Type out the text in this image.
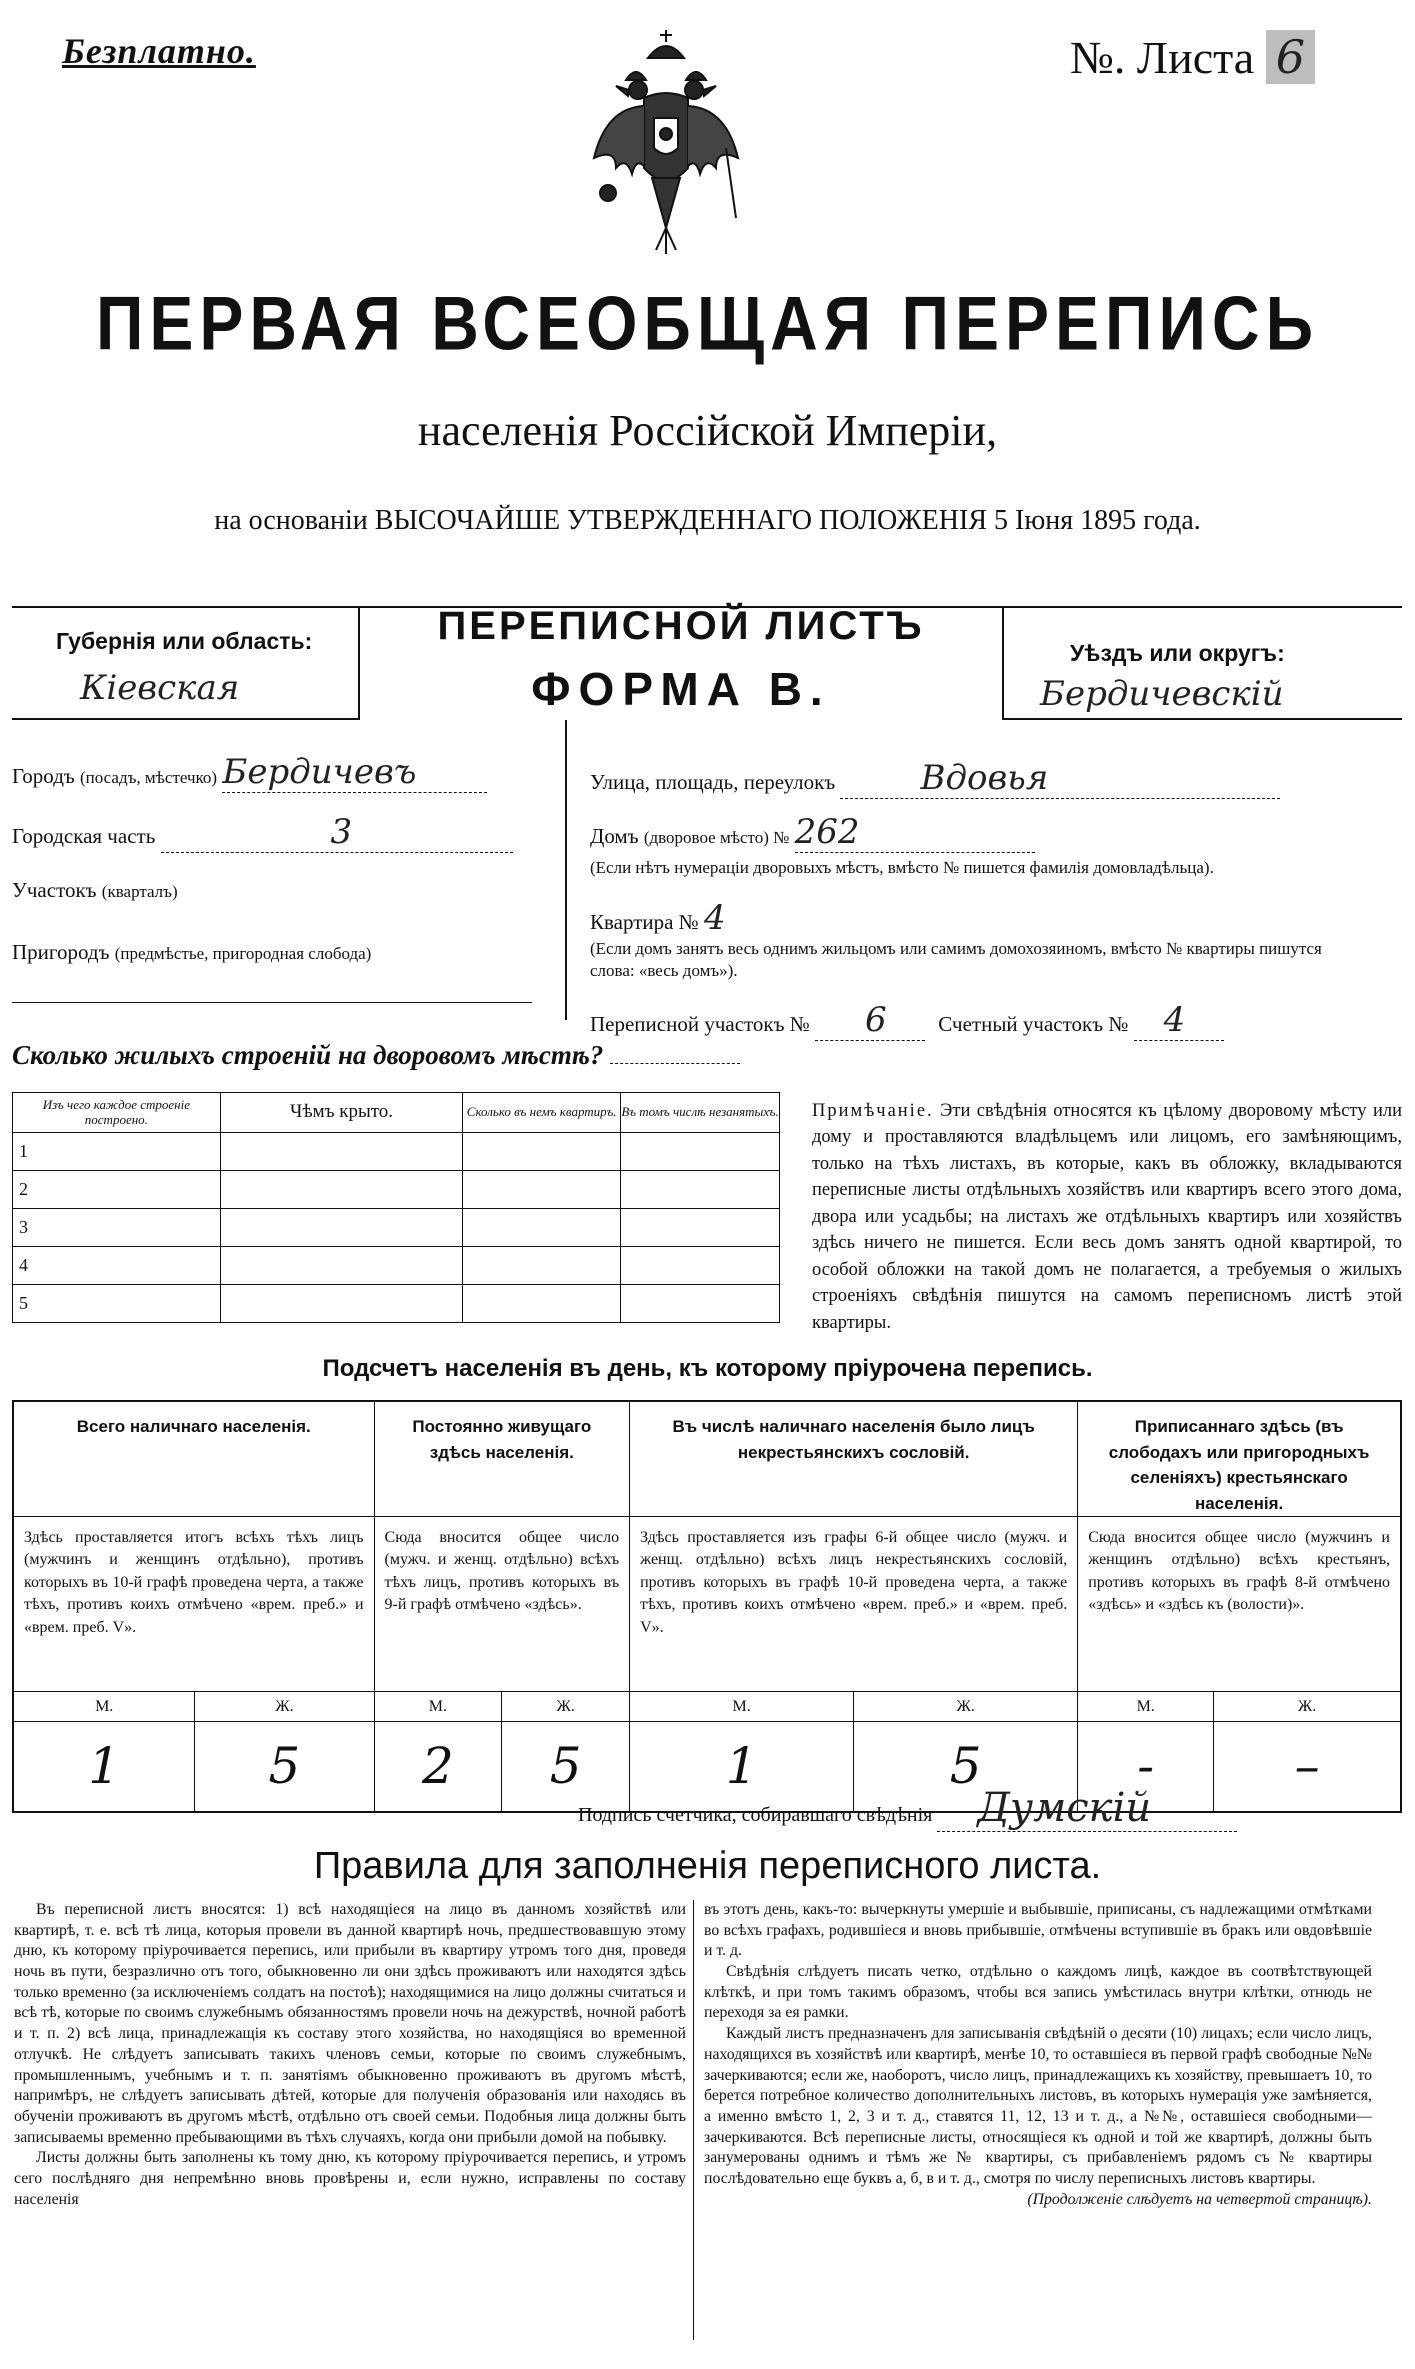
Безплатно.	№. Листа 6
ПЕРВАЯ ВСЕОБЩАЯ ПЕРЕПИСЬ
населенія Россійской Имперіи,
на основаніи ВЫСОЧАЙШЕ УТВЕРЖДЕННАГО ПОЛОЖЕНІЯ 5 Іюня 1895 года.
Губернія или область:
Кіевская
ПЕРЕПИСНОЙ ЛИСТЪ
ФОРМА В.
Уѣздъ или округъ:
Бердичевскій
Городъ (посадъ, мѣстечко) Бердичевъ
Городская часть	3
Участокъ (кварталъ)
Пригородъ (предмѣстье, пригородная слобода)
Улица, площадь, переулокъ	Вдовья
Домъ (дворовое мѣсто) № 262
(Если нѣтъ нумераціи дворовыхъ мѣстъ, вмѣсто № пишется фамилія домовладѣльца).
Квартира № 4
(Если домъ занятъ весь однимъ жильцомъ или самимъ домохозяиномъ, вмѣсто № квартиры пишутся слова: «весь домъ»).
Переписной участокъ № 6 Счетный участокъ № 4
Сколько жилыхъ строеній на дворовомъ мѣстѣ?
Изъ чего каждое строеніе построено.	Чѣмъ крыто.	Сколько въ немъ квартиръ.	Въ томъ числѣ незанятыхъ.
1			
2			
3			
4			
5			
Примѣчаніе. Эти свѣдѣнія относятся къ цѣлому дворовому мѣсту или дому и проставляются владѣльцемъ или лицомъ, его замѣняющимъ, только на тѣхъ листахъ, въ которые, какъ въ обложку, вкладываются переписные листы отдѣльныхъ хозяйствъ или квартиръ всего этого дома, двора или усадьбы; на листахъ же отдѣльныхъ квартиръ или хозяйствъ здѣсь ничего не пишется. Если весь домъ занятъ одной квартирой, то особой обложки на такой домъ не полагается, а требуемыя о жилыхъ строеніяхъ свѣдѣнія пишутся на самомъ переписномъ листѣ этой квартиры.
Подсчетъ населенія въ день, къ которому пріурочена перепись.
Всего наличнаго населенія.		Постоянно живущаго здѣсь населенія.		Въ числѣ наличнаго населенія было лицъ некрестьянскихъ сословій.		Приписаннаго здѣсь (въ слободахъ или пригородныхъ селеніяхъ) крестьянскаго населенія.	
Здѣсь проставляется итогъ всѣхъ тѣхъ лицъ (мужчинъ и женщинъ отдѣльно), противъ которыхъ въ 10-й графѣ проведена черта, а также тѣхъ, противъ коихъ отмѣчено «врем. преб.» и «врем. преб. V».		Сюда вносится общее число (мужч. и женщ. отдѣльно) всѣхъ тѣхъ лицъ, противъ которыхъ въ 9-й графѣ отмѣчено «здѣсь».		Здѣсь проставляется изъ графы 6-й общее число (мужч. и женщ. отдѣльно) всѣхъ лицъ некрестьянскихъ сословій, противъ которыхъ въ графѣ 10-й проведена черта, а также тѣхъ, противъ коихъ отмѣчено «врем. преб.» и «врем. преб. V».		Сюда вносится общее число (мужчинъ и женщинъ отдѣльно) всѣхъ крестьянъ, противъ которыхъ въ графѣ 8-й отмѣчено «здѣсь» и «здѣсь къ (волости)».	
М.	Ж.	М.	Ж.	М.	Ж.	М.	Ж.
1	5	2	5	1	5	-	–
Подпись счетчика, собиравшаго свѣдѣнія Думскій
Правила для заполненія переписного листа.

Въ переписной листъ вносятся: 1) всѣ находящіеся на лицо въ данномъ хозяйствѣ или квартирѣ, т. е. всѣ тѣ лица, которыя провели въ данной квартирѣ ночь, предшествовавшую этому дню, къ которому пріурочивается перепись, или прибыли въ квартиру утромъ того дня, проведя ночь въ пути, безразлично отъ того, обыкновенно ли они здѣсь проживаютъ или находятся здѣсь только временно (за исключеніемъ солдатъ на постоѣ); находящимися на лицо должны считаться и всѣ тѣ, которые по своимъ служебнымъ обязанностямъ провели ночь на дежурствѣ, ночной работѣ и т. п. 2) всѣ лица, принадлежащія къ составу этого хозяйства, но находящіяся во временной отлучкѣ. Не слѣдуетъ записывать такихъ членовъ семьи, которые по своимъ служебнымъ, промышленнымъ, учебнымъ и т. п. занятіямъ обыкновенно проживаютъ въ другомъ мѣстѣ, напримѣръ, не слѣдуетъ записывать дѣтей, которые для полученія образованія или находясь въ обученіи проживаютъ въ другомъ мѣстѣ, отдѣльно отъ своей семьи. Подобныя лица должны быть записываемы временно пребывающими въ тѣхъ случаяхъ, когда они прибыли домой на побывку.

Листы должны быть заполнены къ тому дню, къ которому пріурочивается перепись, и утромъ сего послѣдняго дня непремѣнно вновь провѣрены и, если нужно, исправлены по составу населенія

въ этотъ день, какъ-то: вычеркнуты умершіе и выбывшіе, приписаны, съ надлежащими отмѣтками во всѣхъ графахъ, родившіеся и вновь прибывшіе, отмѣчены вступившіе въ бракъ или овдовѣвшіе и т. д.

Свѣдѣнія слѣдуетъ писать четко, отдѣльно о каждомъ лицѣ, каждое въ соотвѣтствующей клѣткѣ, и при томъ такимъ образомъ, чтобы вся запись умѣстилась внутри клѣтки, отнюдь не переходя за ея рамки.

Каждый листъ предназначенъ для записыванія свѣдѣній о десяти (10) лицахъ; если число лицъ, находящихся въ хозяйствѣ или квартирѣ, менѣе 10, то оставшіеся въ первой графѣ свободные №№ зачеркиваются; если же, наоборотъ, число лицъ, принадлежащихъ къ хозяйству, превышаетъ 10, то берется потребное количество дополнительныхъ листовъ, въ которыхъ нумерація уже замѣняется, а именно вмѣсто 1, 2, 3 и т. д., ставятся 11, 12, 13 и т. д., а №№, оставшіеся свободными—зачеркиваются. Всѣ переписные листы, относящіеся къ одной и той же квартирѣ, должны быть занумерованы однимъ и тѣмъ же № квартиры, съ прибавленіемъ рядомъ съ № квартиры послѣдовательно еще буквъ а, б, в и т. д., смотря по числу переписныхъ листовъ квартиры.

(Продолженіе слѣдуетъ на четвертой страницѣ).
